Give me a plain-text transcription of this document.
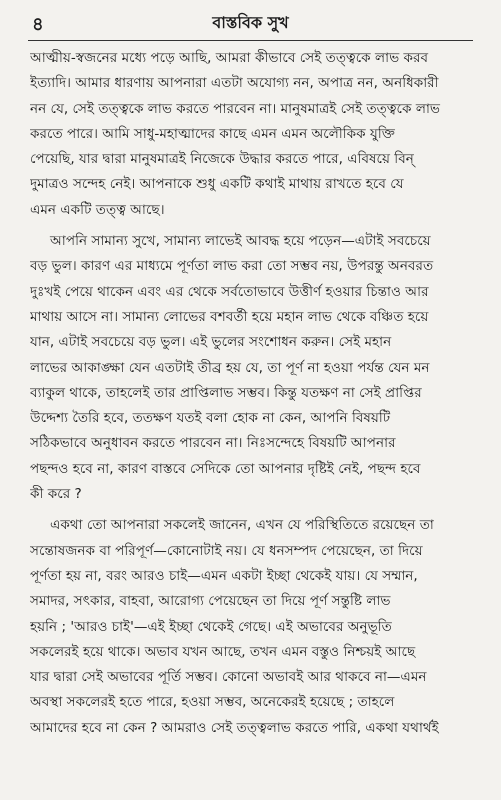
৪	বাস্তবিক সুখ

আত্মীয়-স্বজনের মধ্যে পড়ে আছি, আমরা কীভাবে সেই তত্ত্বকে লাভ করব
ইত্যাদি। আমার ধারণায় আপনারা এতটা অযোগ্য নন, অপাত্র নন, অনধিকারী
নন যে, সেই তত্ত্বকে লাভ করতে পারবেন না। মানুষমাত্রই সেই তত্ত্বকে লাভ
করতে পারে। আমি সাধু-মহাত্মাদের কাছে এমন এমন অলৌকিক যুক্তি
পেয়েছি, যার দ্বারা মানুষমাত্রই নিজেকে উদ্ধার করতে পারে, এবিষয়ে বিন্
দুমাত্রও সন্দেহ নেই। আপনাকে শুধু একটি কথাই মাথায় রাখতে হবে যে
এমন একটি তত্ত্ব আছে।

আপনি সামান্য সুখে, সামান্য লাভেই আবদ্ধ হয়ে পড়েন—এটাই সবচেয়ে
বড় ভুল। কারণ এর মাধ্যমে পূর্ণতা লাভ করা তো সম্ভব নয়, উপরন্তু অনবরত
দুঃখই পেয়ে থাকেন এবং এর থেকে সর্বতোভাবে উত্তীর্ণ হওয়ার চিন্তাও আর
মাথায় আসে না। সামান্য লোভের বশবর্তী হয়ে মহান লাভ থেকে বঞ্চিত হয়ে
যান, এটাই সবচেয়ে বড় ভুল। এই ভুলের সংশোধন করুন। সেই মহান
লাভের আকাঙ্ক্ষা যেন এতটাই তীব্র হয় যে, তা পূর্ণ না হওয়া পর্যন্ত যেন মন
ব্যাকুল থাকে, তাহলেই তার প্রাপ্তিলাভ সম্ভব। কিন্তু যতক্ষণ না সেই প্রাপ্তির
উদ্দেশ্য তৈরি হবে, ততক্ষণ যতই বলা হোক না কেন, আপনি বিষয়টি
সঠিকভাবে অনুধাবন করতে পারবেন না। নিঃসন্দেহে বিষয়টি আপনার
পছন্দও হবে না, কারণ বাস্তবে সেদিকে তো আপনার দৃষ্টিই নেই, পছন্দ হবে
কী করে ?

একথা তো আপনারা সকলেই জানেন, এখন যে পরিস্থিতিতে রয়েছেন তা
সন্তোষজনক বা পরিপূর্ণ—কোনোটাই নয়। যে ধনসম্পদ পেয়েছেন, তা দিয়ে
পূর্ণতা হয় না, বরং আরও চাই—এমন একটা ইচ্ছা থেকেই যায়। যে সম্মান,
সমাদর, সৎকার, বাহবা, আরোগ্য পেয়েছেন তা দিয়ে পূর্ণ সন্তুষ্টি লাভ
হয়নি ; 'আরও চাই'—এই ইচ্ছা থেকেই গেছে। এই অভাবের অনুভূতি
সকলেরই হয়ে থাকে। অভাব যখন আছে, তখন এমন বস্তুও নিশ্চয়ই আছে
যার দ্বারা সেই অভাবের পূর্তি সম্ভব। কোনো অভাবই আর থাকবে না—এমন
অবস্থা সকলেরই হতে পারে, হওয়া সম্ভব, অনেকেরই হয়েছে ; তাহলে
আমাদের হবে না কেন ? আমরাও সেই তত্ত্বলাভ করতে পারি, একথা যথার্থই
